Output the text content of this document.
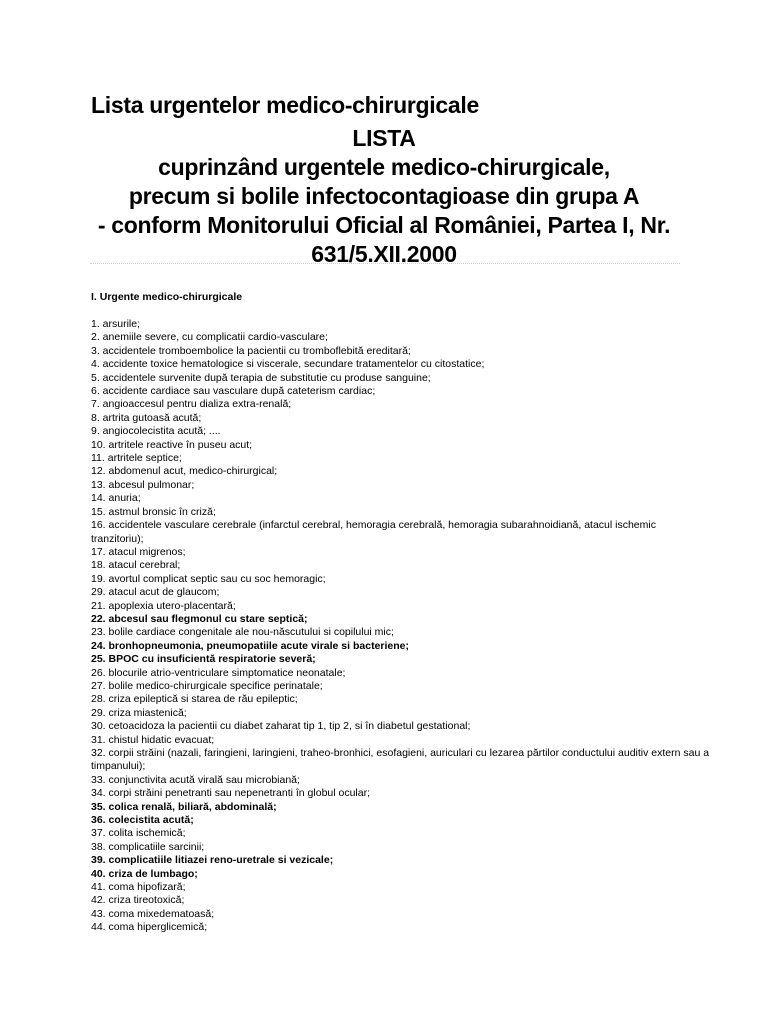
Lista urgentelor medico-chirurgicale
LISTA
cuprinzând urgentele medico-chirurgicale,
precum si bolile infectocontagioase din grupa A
- conform Monitorului Oficial al României, Partea I, Nr.
631/5.XII.2000
I. Urgente medico-chirurgicale
1. arsurile;
2. anemiile severe, cu complicatii cardio-vasculare;
3. accidentele tromboembolice la pacientii cu tromboflebită ereditară;
4. accidente toxice hematologice si viscerale, secundare tratamentelor cu citostatice;
5. accidentele survenite după terapia de substitutie cu produse sanguine;
6. accidente cardiace sau vasculare după cateterism cardiac;
7. angioaccesul pentru dializa extra-renală;
8. artrita gutoasă acută;
9. angiocolecistita acută; ....
10. artritele reactive în puseu acut;
11. artritele septice;
12. abdomenul acut, medico-chirurgical;
13. abcesul pulmonar;
14. anuria;
15. astmul bronsic în criză;
16. accidentele vasculare cerebrale (infarctul cerebral, hemoragia cerebrală, hemoragia subarahnoidiană, atacul ischemic tranzitoriu);
17. atacul migrenos;
18. atacul cerebral;
19. avortul complicat septic sau cu soc hemoragic;
29. atacul acut de glaucom;
21. apoplexia utero-placentară;
22. abcesul sau flegmonul cu stare septică;
23. bolile cardiace congenitale ale nou-născutului si copilului mic;
24. bronhopneumonia, pneumopatiile acute virale si bacteriene;
25. BPOC cu insuficientă respiratorie severă;
26. blocurile atrio-ventriculare simptomatice neonatale;
27. bolile medico-chirurgicale specifice perinatale;
28. criza epileptică si starea de rău epileptic;
29. criza miastenică;
30. cetoacidoza la pacientii cu diabet zaharat tip 1, tip 2, si în diabetul gestational;
31. chistul hidatic evacuat;
32. corpii străini (nazali, faringieni, laringieni, traheo-bronhici, esofagieni, auriculari cu lezarea părtilor conductului auditiv extern sau a timpanului);
33. conjunctivita acută virală sau microbiană;
34. corpi străini penetranti sau nepenetranti în globul ocular;
35. colica renală, biliară, abdominală;
36. colecistita acută;
37. colita ischemică;
38. complicatiile sarcinii;
39. complicatiile litiazei reno-uretrale si vezicale;
40. criza de lumbago;
41. coma hipofizară;
42. criza tireotoxică;
43. coma mixedematoasă;
44. coma hiperglicemică;
